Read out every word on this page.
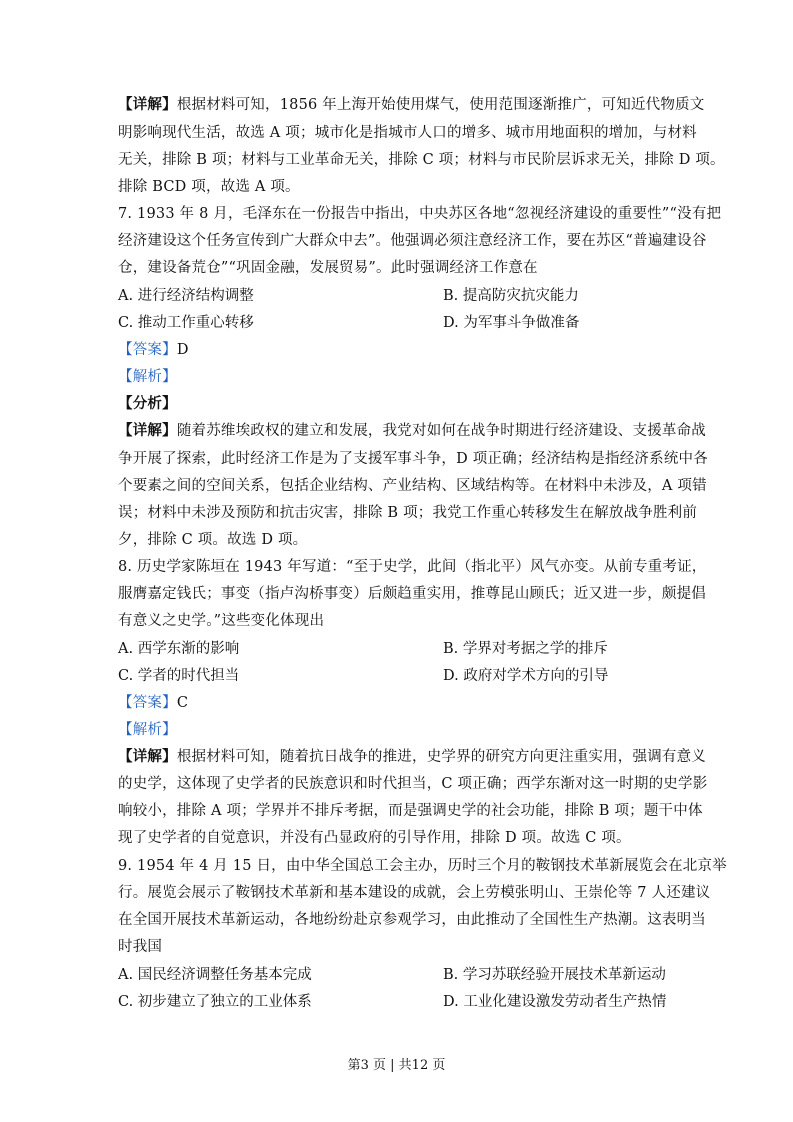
【详解】根据材料可知，1856 年上海开始使用煤气，使用范围逐渐推广，可知近代物质文
明影响现代生活，故选 A 项；城市化是指城市人口的增多、城市用地面积的增加，与材料
无关，排除 B 项；材料与工业革命无关，排除 C 项；材料与市民阶层诉求无关，排除 D 项。
排除 BCD 项，故选 A 项。
7. 1933 年 8 月，毛泽东在一份报告中指出，中央苏区各地“忽视经济建设的重要性”“没有把
经济建设这个任务宣传到广大群众中去”。他强调必须注意经济工作，要在苏区“普遍建设谷
仓，建设备荒仓”“巩固金融，发展贸易”。此时强调经济工作意在
A. 进行经济结构调整	B. 提高防灾抗灾能力
C. 推动工作重心转移	D. 为军事斗争做准备
【答案】D
【解析】
【分析】
【详解】随着苏维埃政权的建立和发展，我党对如何在战争时期进行经济建设、支援革命战
争开展了探索，此时经济工作是为了支援军事斗争，D 项正确；经济结构是指经济系统中各
个要素之间的空间关系，包括企业结构、产业结构、区域结构等。在材料中未涉及，A 项错
误；材料中未涉及预防和抗击灾害，排除 B 项；我党工作重心转移发生在解放战争胜利前
夕，排除 C 项。故选 D 项。
8. 历史学家陈垣在 1943 年写道：“至于史学，此间（指北平）风气亦变。从前专重考证，
服膺嘉定钱氏；事变（指卢沟桥事变）后颇趋重实用，推尊昆山顾氏；近又进一步，颇提倡
有意义之史学。”这些变化体现出
A. 西学东渐的影响	B. 学界对考据之学的排斥
C. 学者的时代担当	D. 政府对学术方向的引导
【答案】C
【解析】
【详解】根据材料可知，随着抗日战争的推进，史学界的研究方向更注重实用，强调有意义
的史学，这体现了史学者的民族意识和时代担当，C 项正确；西学东渐对这一时期的史学影
响较小，排除 A 项；学界并不排斥考据，而是强调史学的社会功能，排除 B 项；题干中体
现了史学者的自觉意识，并没有凸显政府的引导作用，排除 D 项。故选 C 项。
9. 1954 年 4 月 15 日，由中华全国总工会主办，历时三个月的鞍钢技术革新展览会在北京举
行。展览会展示了鞍钢技术革新和基本建设的成就，会上劳模张明山、王崇伦等 7 人还建议
在全国开展技术革新运动，各地纷纷赴京参观学习，由此推动了全国性生产热潮。这表明当
时我国
A. 国民经济调整任务基本完成	B. 学习苏联经验开展技术革新运动
C. 初步建立了独立的工业体系	D. 工业化建设激发劳动者生产热情
第3 页 | 共12 页
